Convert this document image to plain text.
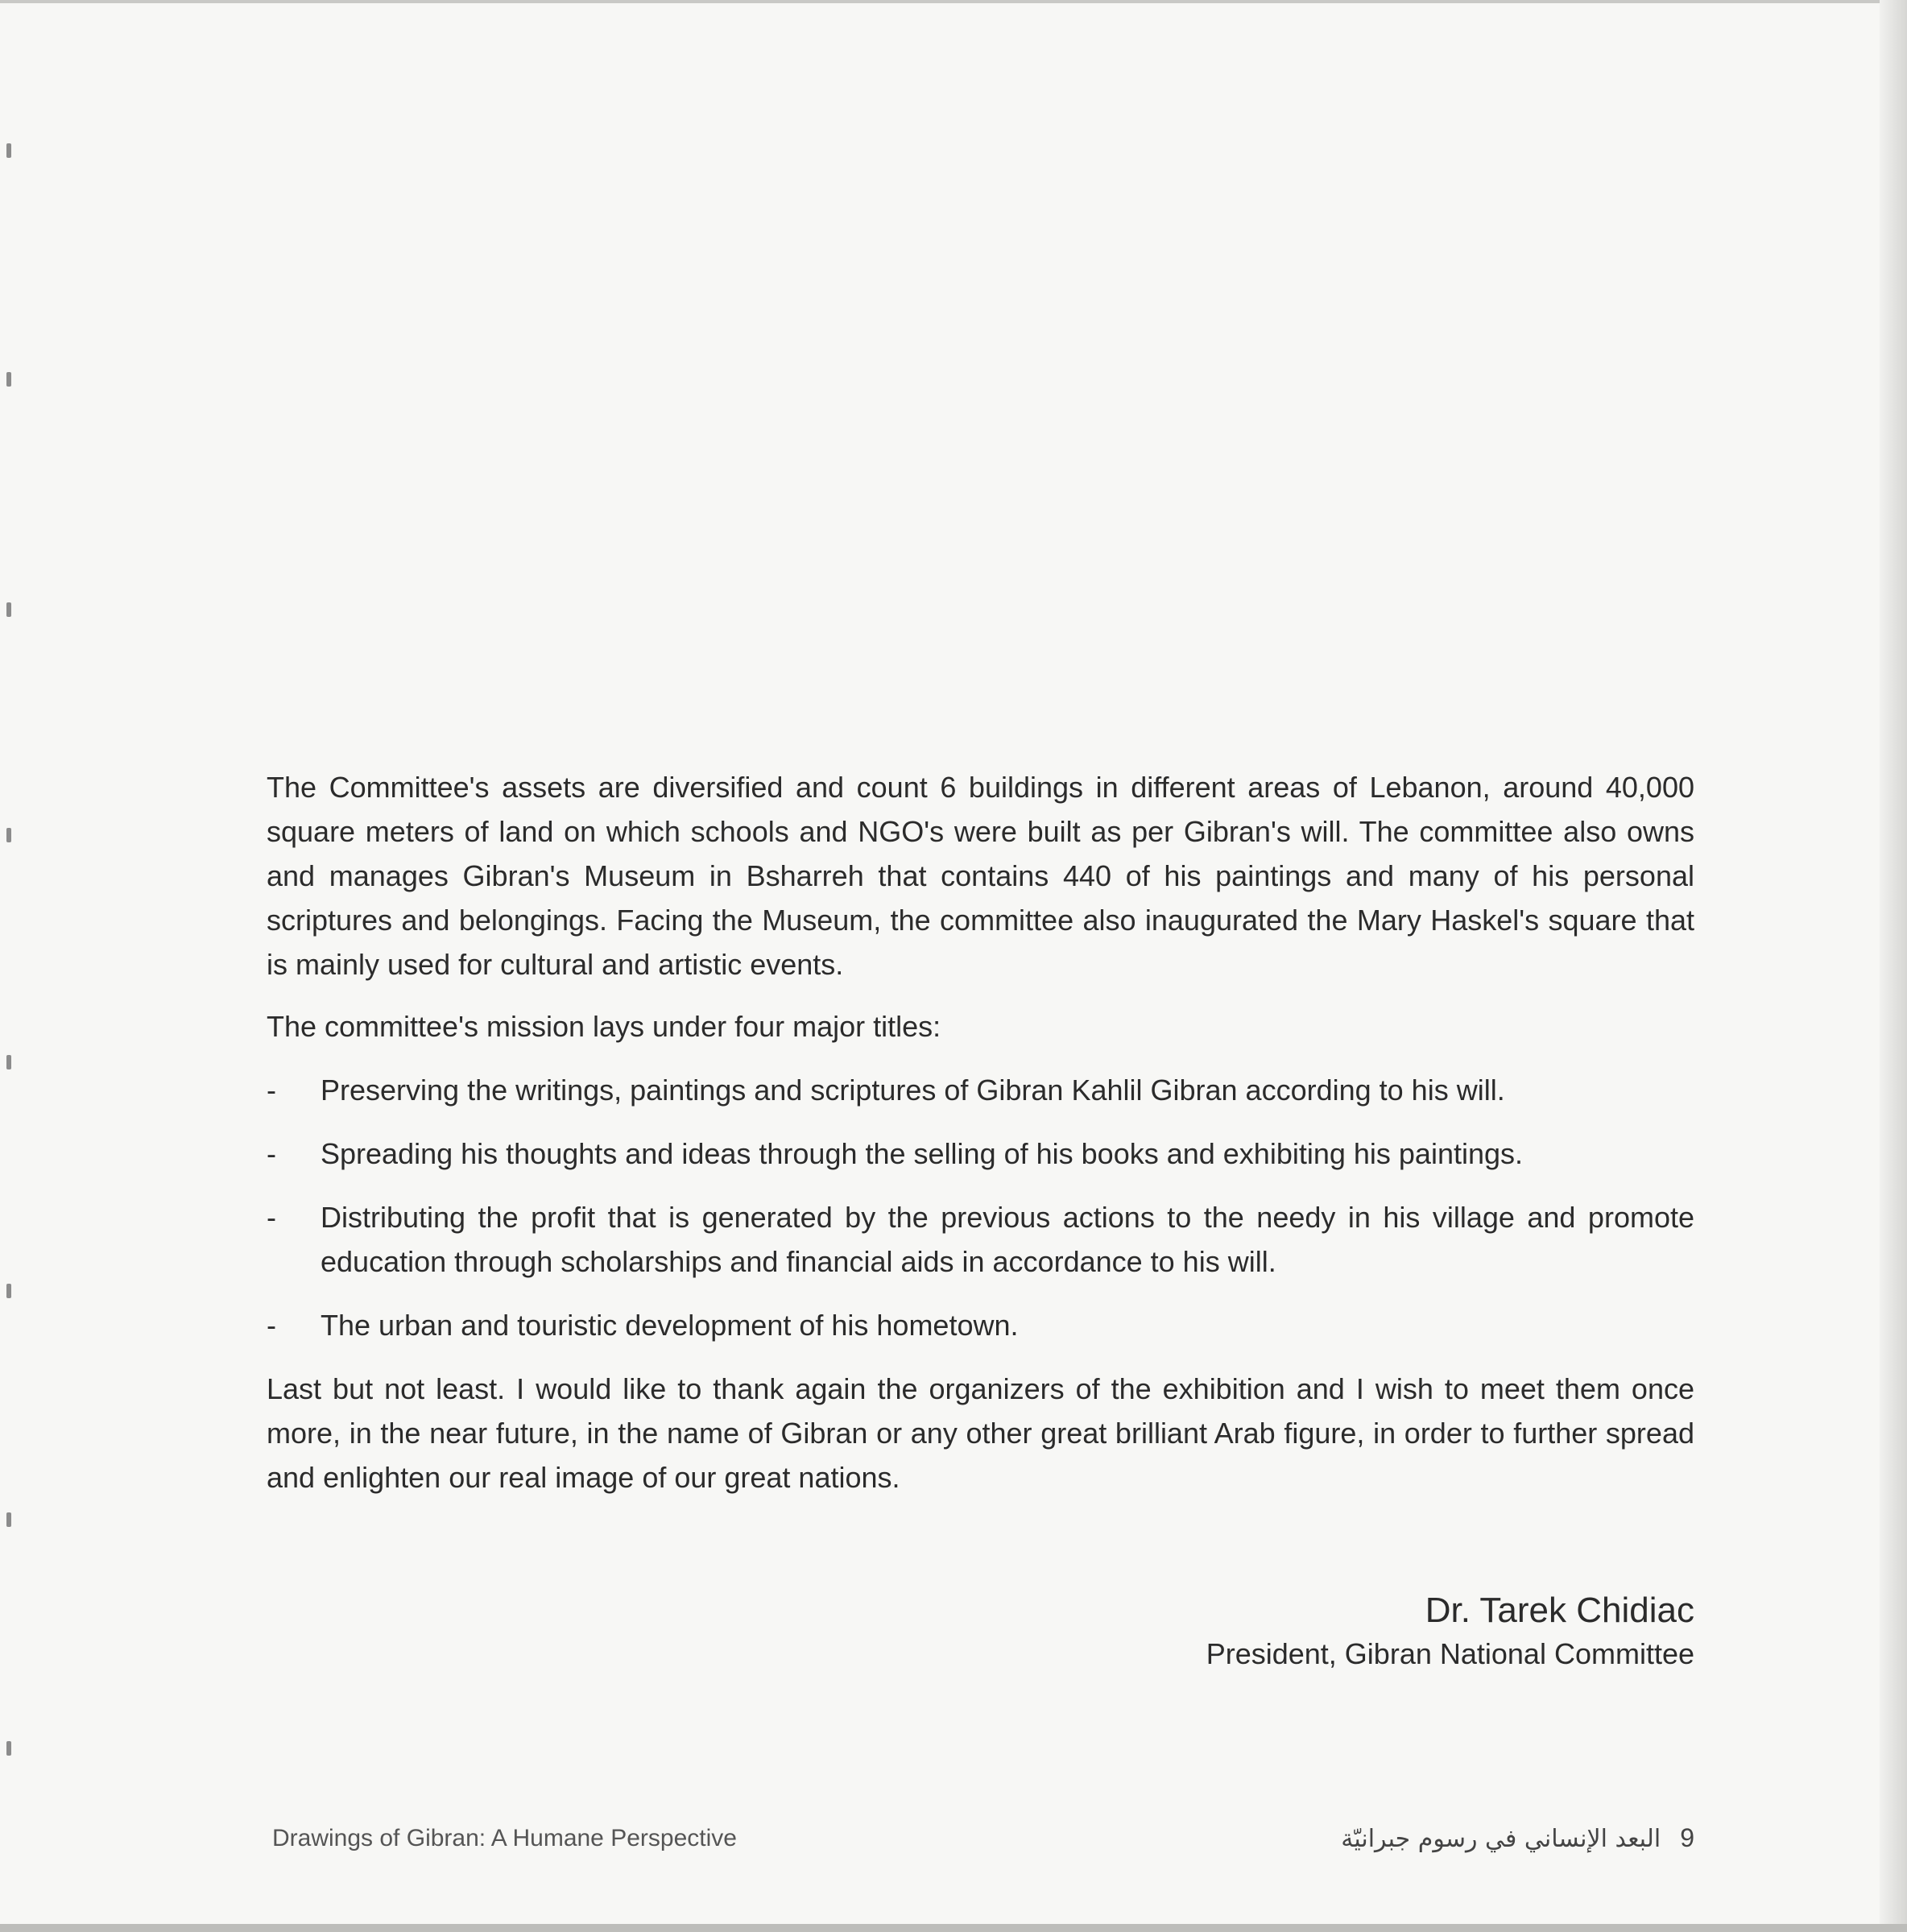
The Committee's assets are diversified and count 6 buildings in different areas of Lebanon, around 40,000 square meters of land on which schools and NGO's were built as per Gibran's will. The committee also owns and manages Gibran's Museum in Bsharreh that contains 440 of his paintings and many of his personal scriptures and belongings. Facing the Museum, the committee also inaugurated the Mary Haskel's square that is mainly used for cultural and artistic events.

The committee's mission lays under four major titles:

- Preserving the writings, paintings and scriptures of Gibran Kahlil Gibran according to his will.
- Spreading his thoughts and ideas through the selling of his books and exhibiting his paintings.
- Distributing the profit that is generated by the previous actions to the needy in his village and promote education through scholarships and financial aids in accordance to his will.
- The urban and touristic development of his hometown.

Last but not least. I would like to thank again the organizers of the exhibition and I wish to meet them once more, in the near future, in the name of Gibran or any other great brilliant Arab figure, in order to further spread and enlighten our real image of our great nations.

Dr. Tarek Chidiac

President, Gibran National Committee

Drawings of Gibran: A Humane Perspective	البعد الإنساني في رسوم جبرانيّة 9
